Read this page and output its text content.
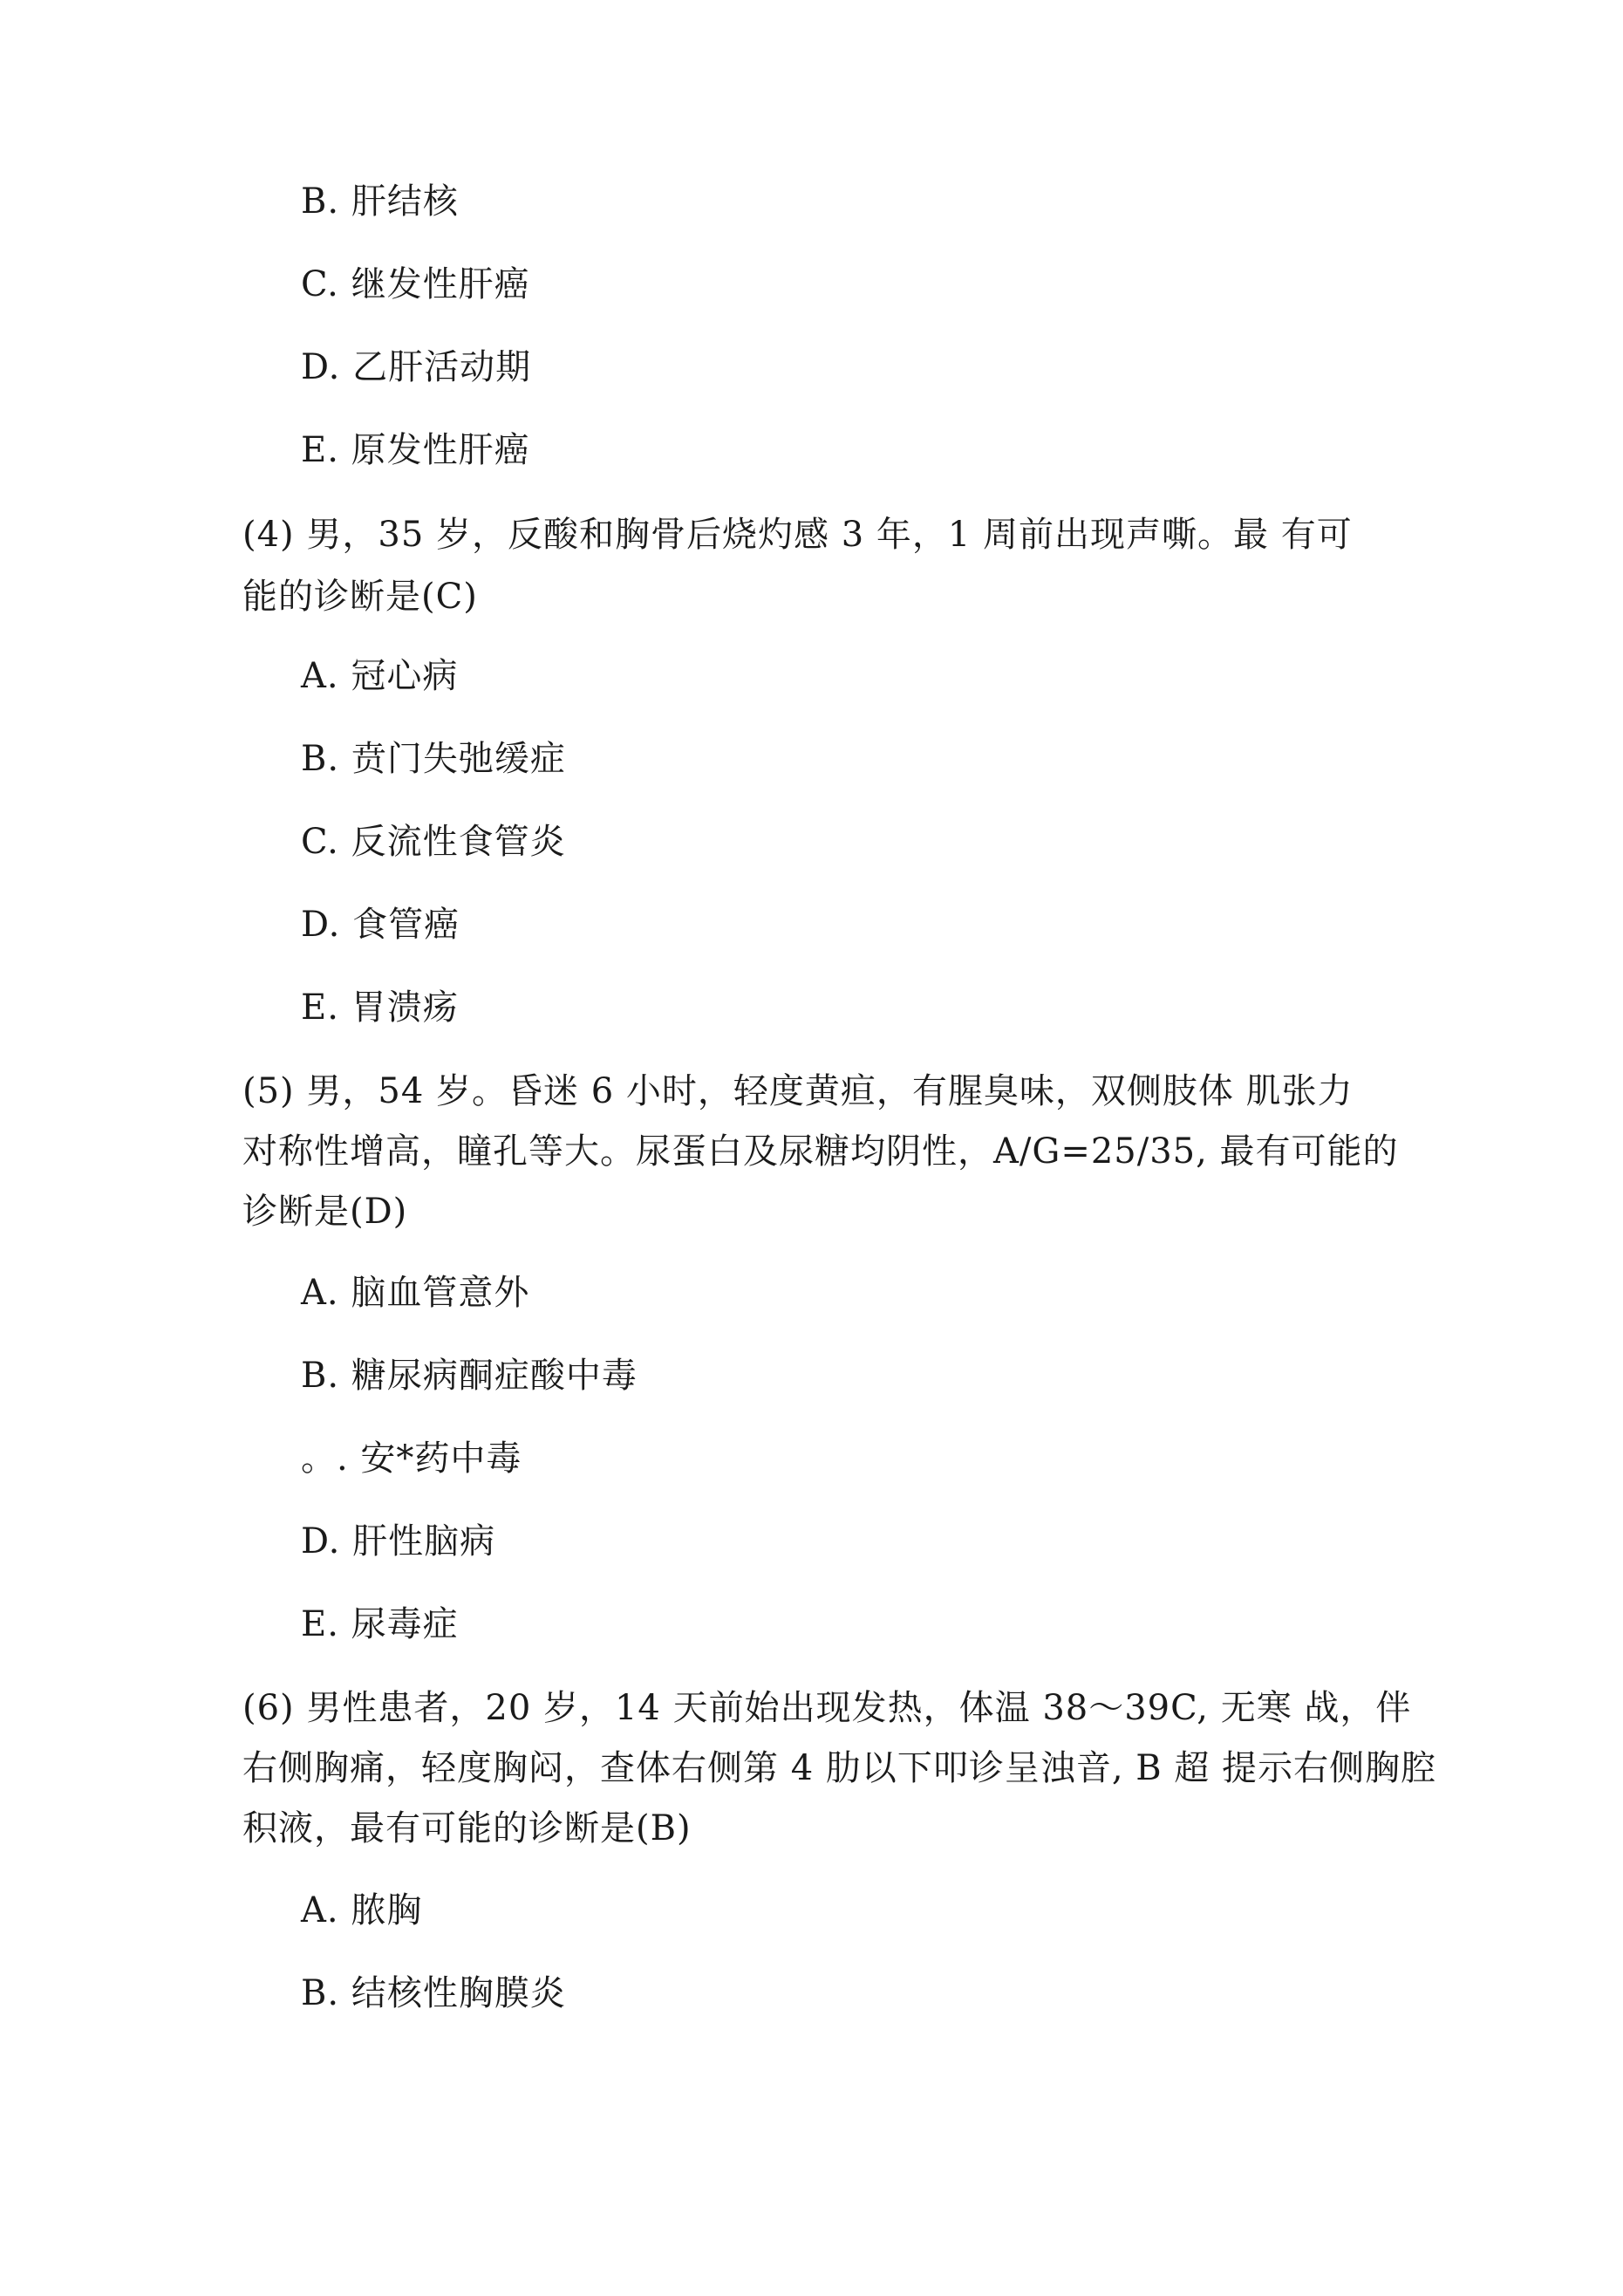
B. 肝结核
C. 继发性肝癌
D. 乙肝活动期
E. 原发性肝癌
(4) 男，35 岁，反酸和胸骨后烧灼感 3 年，1 周前出现声嘶。最 有可
能的诊断是(C)
A. 冠心病
B. 贲门失弛缓症
C. 反流性食管炎
D. 食管癌
E. 胃溃疡
(5) 男，54 岁。昏迷 6 小时，轻度黄疸，有腥臭味，双侧肢体 肌张力
对称性增高，瞳孔等大。尿蛋白及尿糖均阴性，A/G=25/35, 最有可能的
诊断是(D)
A. 脑血管意外
B. 糖尿病酮症酸中毒
。. 安*药中毒
D. 肝性脑病
E. 尿毒症
(6) 男性患者，20 岁，14 天前始出现发热，体温 38〜39C, 无寒 战，伴
右侧胸痛，轻度胸闷，查体右侧第 4 肋以下叩诊呈浊音, B 超 提示右侧胸腔
积液，最有可能的诊断是(B)
A. 脓胸
B. 结核性胸膜炎
